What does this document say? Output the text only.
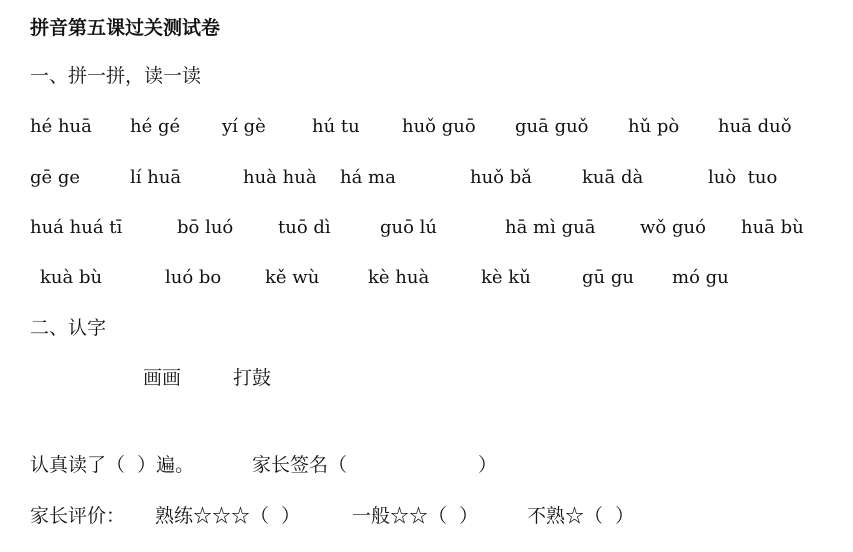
拼音第五课过关测试卷
一、拼一拼，读一读
hé huā hé gé yí gè	hú tu huǒ guō guā guǒ hǔ pò huā duǒ
gē ge	lí huā	huà huà há ma	huǒ bǎ	kuā dà	luò  tuo
huá huá tī	bō luó tuō dì	guō lú	hā mì guā wǒ guó huā bù
kuà bù	luó bo kě wù	kè huà	kè kǔ	gū gu mó gu
二、认字
画画	打鼓
认真读了（  ）遍。	家长签名（	）
家长评价： 熟练☆☆☆（  ）	一般☆☆（  ）	不熟☆（  ）
